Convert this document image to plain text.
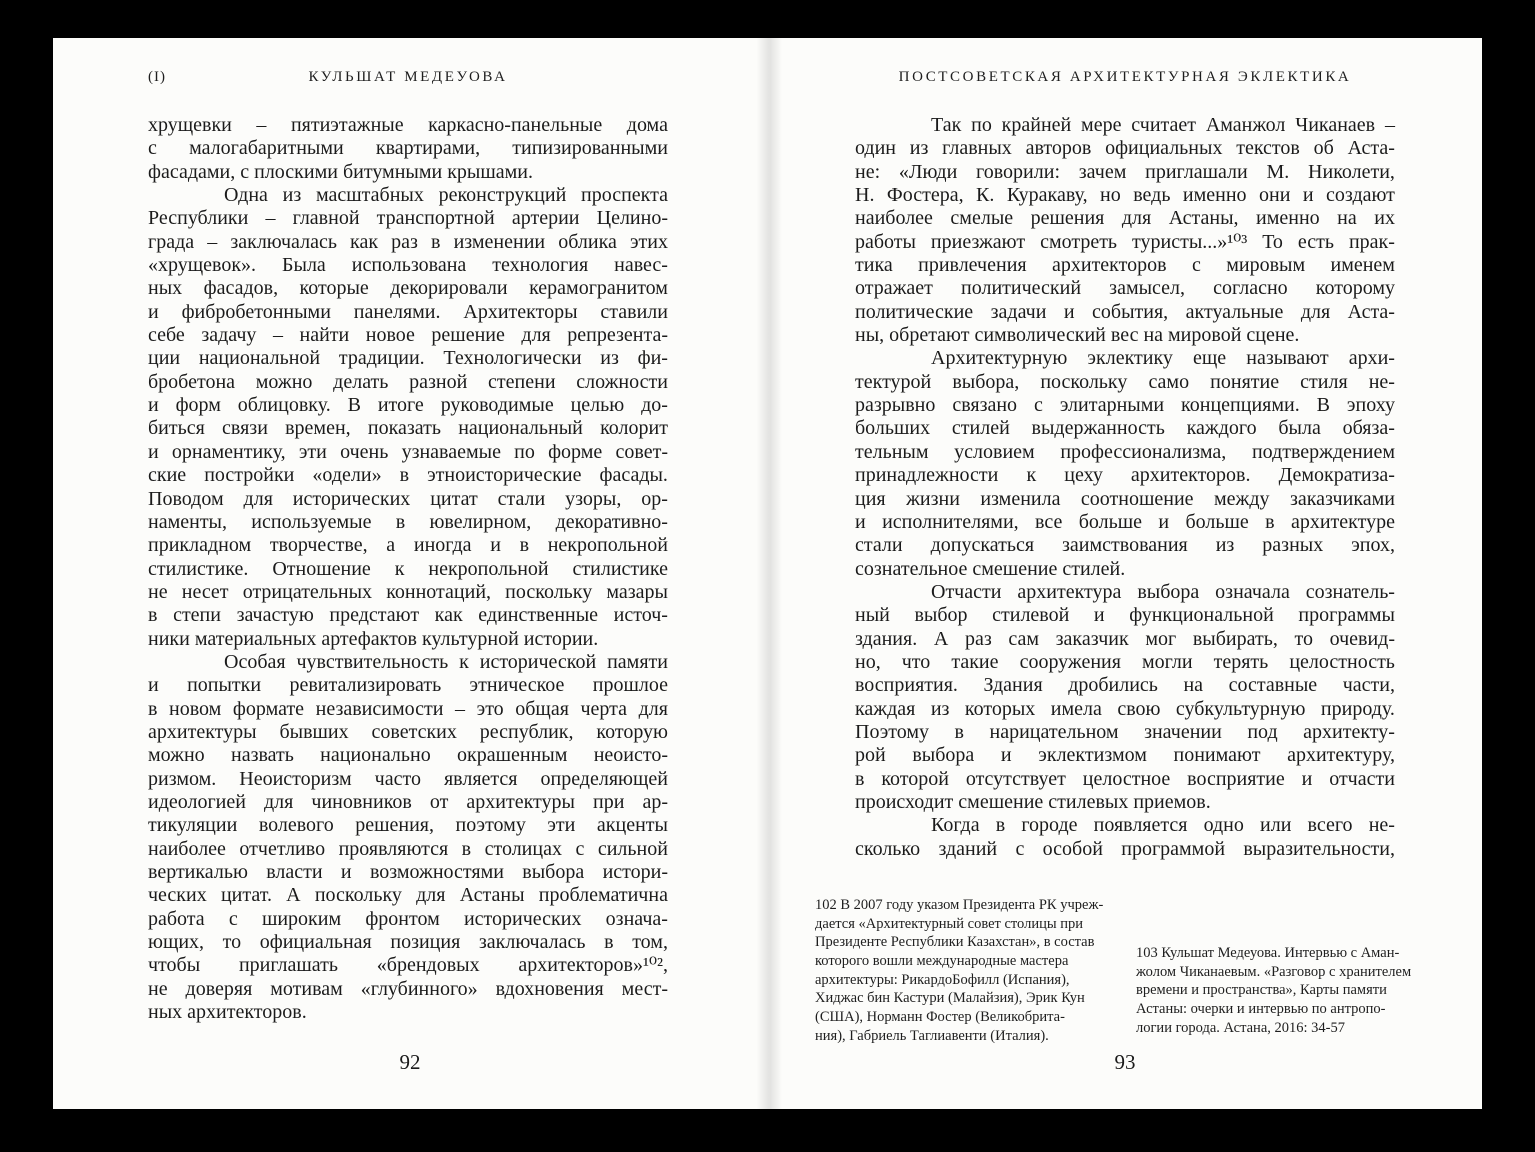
(I)	КУЛЬШАТ МЕДЕУОВА
хрущевки – пятиэтажные каркасно-панельные дома
с малогабаритными квартирами, типизированными
фасадами, с плоскими битумными крышами.
Одна из масштабных реконструкций проспекта
Республики – главной транспортной артерии Целино-
града – заключалась как раз в изменении облика этих
«хрущевок». Была использована технология навес-
ных фасадов, которые декорировали керамогранитом
и фибробетонными панелями. Архитекторы ставили
себе задачу – найти новое решение для репрезента-
ции национальной традиции. Технологически из фи-
бробетона можно делать разной степени сложности
и форм облицовку. В итоге руководимые целью до-
биться связи времен, показать национальный колорит
и орнаментику, эти очень узнаваемые по форме совет-
ские постройки «одели» в этноисторические фасады.
Поводом для исторических цитат стали узоры, ор-
наменты, используемые в ювелирном, декоративно-
прикладном творчестве, а иногда и в некропольной
стилистике. Отношение к некропольной стилистике
не несет отрицательных коннотаций, поскольку мазары
в степи зачастую предстают как единственные источ-
ники материальных артефактов культурной истории.
Особая чувствительность к исторической памяти
и попытки ревитализировать этническое прошлое
в новом формате независимости – это общая черта для
архитектуры бывших советских республик, которую
можно назвать национально окрашенным неоисто-
ризмом. Неоисторизм часто является определяющей
идеологией для чиновников от архитектуры при ар-
тикуляции волевого решения, поэтому эти акценты
наиболее отчетливо проявляются в столицах с сильной
вертикалью власти и возможностями выбора истори-
ческих цитат. А поскольку для Астаны проблематична
работа с широким фронтом исторических означа-
ющих, то официальная позиция заключалась в том,
чтобы приглашать «брендовых архитекторов»¹⁰²,
не доверяя мотивам «глубинного» вдохновения мест-
ных архитекторов.
ПОСТСОВЕТСКАЯ АРХИТЕКТУРНАЯ ЭКЛЕКТИКА
Так по крайней мере считает Аманжол Чиканаев –
один из главных авторов официальных текстов об Аста-
не: «Люди говорили: зачем приглашали М. Николети,
Н. Фостера, К. Куракаву, но ведь именно они и создают
наиболее смелые решения для Астаны, именно на их
работы приезжают смотреть туристы...»¹⁰³ То есть прак-
тика привлечения архитекторов с мировым именем
отражает политический замысел, согласно которому
политические задачи и события, актуальные для Аста-
ны, обретают символический вес на мировой сцене.
Архитектурную эклектику еще называют архи-
тектурой выбора, поскольку само понятие стиля не-
разрывно связано с элитарными концепциями. В эпоху
больших стилей выдержанность каждого была обяза-
тельным условием профессионализма, подтверждением
принадлежности к цеху архитекторов. Демократиза-
ция жизни изменила соотношение между заказчиками
и исполнителями, все больше и больше в архитектуре
стали допускаться заимствования из разных эпох,
сознательное смешение стилей.
Отчасти архитектура выбора означала сознатель-
ный выбор стилевой и функциональной программы
здания. А раз сам заказчик мог выбирать, то очевид-
но, что такие сооружения могли терять целостность
восприятия. Здания дробились на составные части,
каждая из которых имела свою субкультурную природу.
Поэтому в нарицательном значении под архитекту-
рой выбора и эклектизмом понимают архитектуру,
в которой отсутствует целостное восприятие и отчасти
происходит смешение стилевых приемов.
Когда в городе появляется одно или всего не-
сколько зданий с особой программой выразительности,
102 В 2007 году указом Президента РК учреж-
дается «Архитектурный совет столицы при
Президенте Республики Казахстан», в состав
которого вошли международные мастера
архитектуры: РикардоБофилл (Испания),
Хиджас бин Кастури (Малайзия), Эрик Кун
(США), Норманн Фостер (Великобрита-
ния), Габриель Таглиавенти (Италия).
103 Кульшат Медеуова. Интервью с Аман-
жолом Чиканаевым. «Разговор с хранителем
времени и пространства», Карты памяти
Астаны: очерки и интервью по антропо-
логии города. Астана, 2016: 34-57
92	93
